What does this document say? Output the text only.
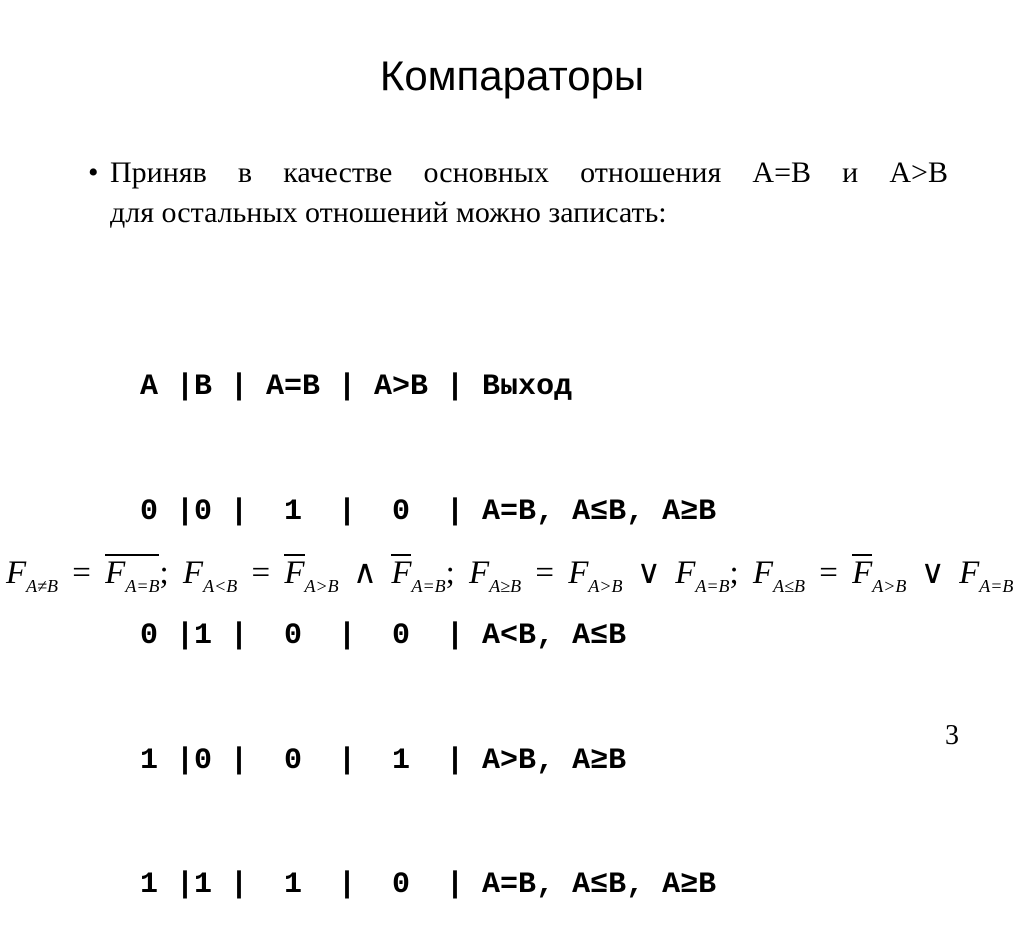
Компараторы
• Приняв в качестве основных отношения А=В и А>В
для остальных отношений можно записать:

А |В | А=В | А>В | Выход

0 |0 |  1  |  0  | А=В, А≤В, А≥В

0 |1 |  0  |  0  | А<В, А≤В

1 |0 |  0  |  1  | А>В, А≥В

1 |1 |  1  |  0  | А=В, А≤В, А≥В

$F_{A\ne B} = F_{A=B}$; $F_{A<B} = F_{A>B}$ ∧ $F_{A=B}$; $F_{A\ge B} = F_{A>B}$ ∨ $F_{A=B}$; $F_{A\le B} = F_{A>B}$ ∨ $F_{A=B}$
3
